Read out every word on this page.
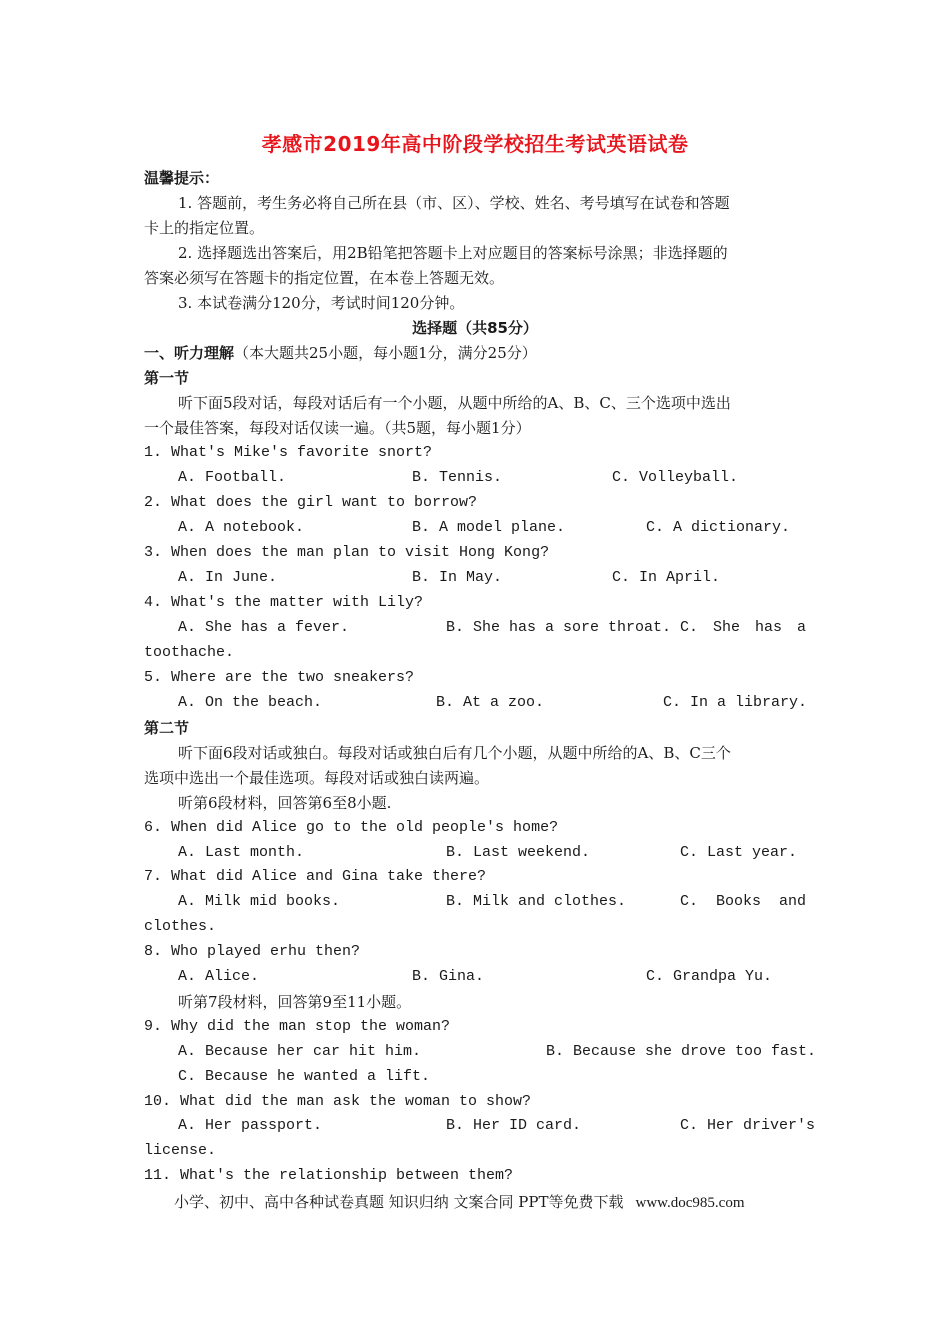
孝感市2019年高中阶段学校招生考试英语试卷
温馨提示：
1. 答题前，考生务必将自己所在县（市、区）、学校、姓名、考号填写在试卷和答题
卡上的指定位置。
2. 选择题选出答案后，用2B铅笔把答题卡上对应题目的答案标号涂黑；非选择题的
答案必须写在答题卡的指定位置，在本卷上答题无效。
3. 本试卷满分120分，考试时间120分钟。
选择题（共85分）
一、听力理解（本大题共25小题，每小题1分，满分25分）
第一节
听下面5段对话，每段对话后有一个小题，从题中所给的A、B、C、三个选项中选出
一个最佳答案，每段对话仅读一遍。（共5题，每小题1分）
1. What's Mike's favorite snort?
A. Football.	B. Tennis.	C. Volleyball.
2. What does the girl want to borrow?
A. A notebook.	B. A model plane.	C. A dictionary.
3. When does the man plan to visit Hong Kong?
A. In June.	B. In May.	C. In April.
4. What's the matter with Lily?
A. She has a fever.	B. She has a sore throat. C. She has a
toothache.
5. Where are the two sneakers?
A. On the beach.	B. At a zoo.	C. In a library.
第二节
听下面6段对话或独白。每段对话或独白后有几个小题，从题中所给的A、B、C三个
选项中选出一个最佳选项。每段对话或独白读两遍。
听第6段材料，回答第6至8小题.
6. When did Alice go to the old people's home?
A. Last month.	B. Last weekend.	C. Last year.
7. What did Alice and Gina take there?
A. Milk mid books.	B. Milk and clothes.	C. Books and
clothes.
8. Who played erhu then?
A. Alice.	B. Gina.	C. Grandpa Yu.
听第7段材料，回答第9至11小题。
9. Why did the man stop the woman?
A. Because her car hit him.	B. Because she drove too fast.
C. Because he wanted a lift.
10. What did the man ask the woman to show?
A. Her passport.	B. Her ID card.	C. Her driver's
license.
11. What's the relationship between them?
小学、初中、高中各种试卷真题 知识归纳 文案合同 PPT等免费下载 www.doc985.com
